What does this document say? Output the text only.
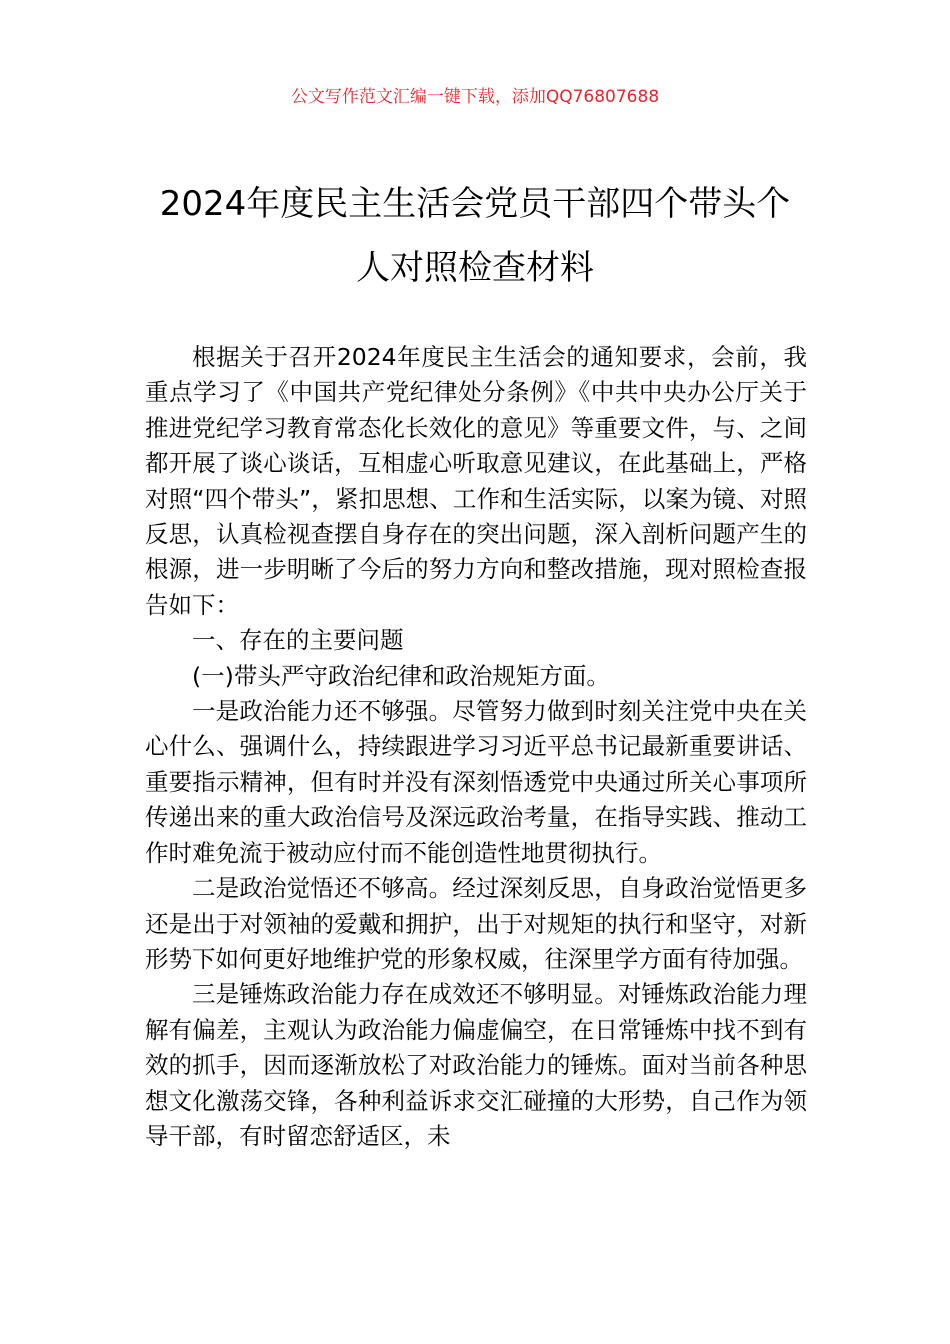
公文写作范文汇编一键下载，添加QQ76807688
2024年度民主生活会党员干部四个带头个
人对照检查材料

根据关于召开2024年度民主生活会的通知要求，会前，我重点学习了《中国共产党纪律处分条例》《中共中央办公厅关于推进党纪学习教育常态化长效化的意见》等重要文件，与、之间都开展了谈心谈话，互相虚心听取意见建议，在此基础上，严格对照“四个带头”，紧扣思想、工作和生活实际，以案为镜、对照反思，认真检视查摆自身存在的突出问题，深入剖析问题产生的根源，进一步明晰了今后的努力方向和整改措施，现对照检查报告如下：

一、存在的主要问题

(一)带头严守政治纪律和政治规矩方面。

一是政治能力还不够强。尽管努力做到时刻关注党中央在关心什么、强调什么，持续跟进学习习近平总书记最新重要讲话、重要指示精神，但有时并没有深刻悟透党中央通过所关心事项所传递出来的重大政治信号及深远政治考量，在指导实践、推动工作时难免流于被动应付而不能创造性地贯彻执行。

二是政治觉悟还不够高。经过深刻反思，自身政治觉悟更多还是出于对领袖的爱戴和拥护，出于对规矩的执行和坚守，对新形势下如何更好地维护党的形象权威，往深里学方面有待加强。

三是锤炼政治能力存在成效还不够明显。对锤炼政治能力理解有偏差，主观认为政治能力偏虚偏空，在日常锤炼中找不到有效的抓手，因而逐渐放松了对政治能力的锤炼。面对当前各种思想文化激荡交锋，各种利益诉求交汇碰撞的大形势，自己作为领导干部，有时留恋舒适区，未
